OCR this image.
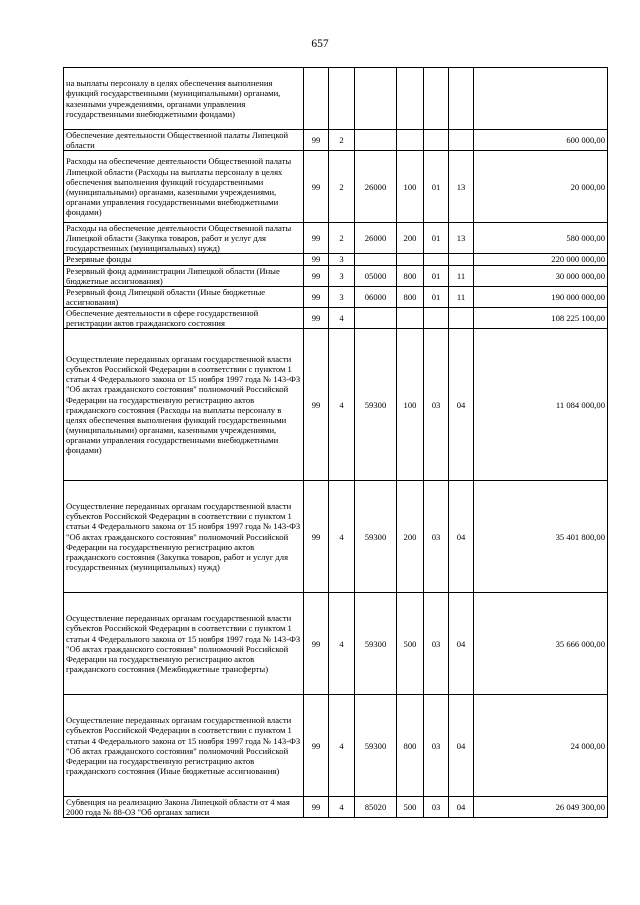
657
на выплаты персоналу в целях обеспечения выполнения функций государственными (муниципальными) органами, казенными учреждениями, органами управления государственными внебюджетными фондами)							
Обеспечение деятельности Общественной палаты Липецкой области	99	2					600 000,00
Расходы на обеспечение деятельности Общественной палаты Липецкой области (Расходы на выплаты персоналу в целях обеспечения выполнения функций государственными (муниципальными) органами, казенными учреждениями, органами управления государственными внебюджетными фондами)	99	2	26000	100	01	13	20 000,00
Расходы на обеспечение деятельности Общественной палаты Липецкой области (Закупка товаров, работ и услуг для государственных (муниципальных) нужд)	99	2	26000	200	01	13	580 000,00
Резервные фонды	99	3					220 000 000,00
Резервный фонд администрации Липецкой области (Иные бюджетные ассигнования)	99	3	05000	800	01	11	30 000 000,00
Резервный фонд Липецкой области (Иные бюджетные ассигнования)	99	3	06000	800	01	11	190 000 000,00
Обеспечение деятельности в сфере государственной регистрации актов гражданского состояния	99	4					108 225 100,00
Осуществление переданных органам государственной власти субъектов Российской Федерации в соответствии с пунктом 1 статьи 4 Федерального закона от 15 ноября 1997 года № 143-ФЗ "Об актах гражданского состояния" полномочий Российской Федерации на государственную регистрацию актов гражданского состояния (Расходы на выплаты персоналу в целях обеспечения выполнения функций государственными (муниципальными) органами, казенными учреждениями, органами управления государственными внебюджетными фондами)	99	4	59300	100	03	04	11 084 000,00
Осуществление переданных органам государственной власти субъектов Российской Федерации в соответствии с пунктом 1 статьи 4 Федерального закона от 15 ноября 1997 года № 143-ФЗ "Об актах гражданского состояния" полномочий Российской Федерации на государственную регистрацию актов гражданского состояния (Закупка товаров, работ и услуг для государственных (муниципальных) нужд)	99	4	59300	200	03	04	35 401 800,00
Осуществление переданных органам государственной власти субъектов Российской Федерации в соответствии с пунктом 1 статьи 4 Федерального закона от 15 ноября 1997 года № 143-ФЗ "Об актах гражданского состояния" полномочий Российской Федерации на государственную регистрацию актов гражданского состояния (Межбюджетные трансферты)	99	4	59300	500	03	04	35 666 000,00
Осуществление переданных органам государственной власти субъектов Российской Федерации в соответствии с пунктом 1 статьи 4 Федерального закона от 15 ноября 1997 года № 143-ФЗ "Об актах гражданского состояния" полномочий Российской Федерации на государственную регистрацию актов гражданского состояния (Иные бюджетные ассигнования)	99	4	59300	800	03	04	24 000,00
Субвенция на реализацию Закона Липецкой области от 4 мая 2000 года № 88-ОЗ "Об органах записи	99	4	85020	500	03	04	26 049 300,00
